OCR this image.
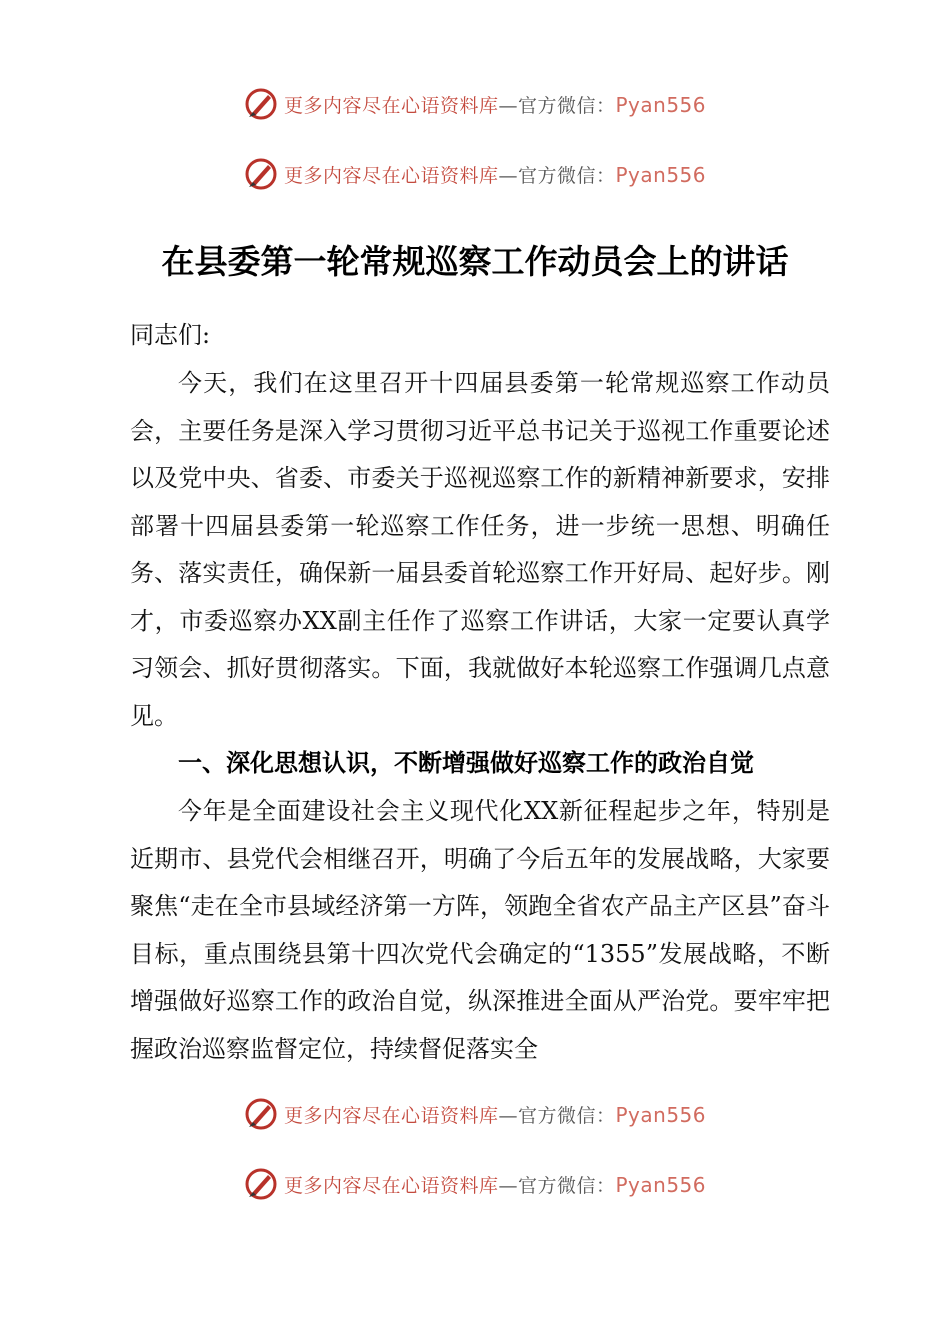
更多内容尽在心语资料库—官方微信：Pyan556
更多内容尽在心语资料库—官方微信：Pyan556
在县委第一轮常规巡察工作动员会上的讲话
同志们:

今天，我们在这里召开十四届县委第一轮常规巡察工作动员会，主要任务是深入学习贯彻习近平总书记关于巡视工作重要论述以及党中央、省委、市委关于巡视巡察工作的新精神新要求，安排部署十四届县委第一轮巡察工作任务，进一步统一思想、明确任务、落实责任，确保新一届县委首轮巡察工作开好局、起好步。刚才，市委巡察办XX副主任作了巡察工作讲话，大家一定要认真学习领会、抓好贯彻落实。下面，我就做好本轮巡察工作强调几点意见。

一、深化思想认识，不断增强做好巡察工作的政治自觉

今年是全面建设社会主义现代化XX新征程起步之年，特别是近期市、县党代会相继召开，明确了今后五年的发展战略，大家要聚焦“走在全市县域经济第一方阵，领跑全省农产品主产区县”奋斗目标，重点围绕县第十四次党代会确定的“1355”发展战略，不断增强做好巡察工作的政治自觉，纵深推进全面从严治党。要牢牢把握政治巡察监督定位，持续督促落实全

更多内容尽在心语资料库—官方微信：Pyan556
更多内容尽在心语资料库—官方微信：Pyan556
